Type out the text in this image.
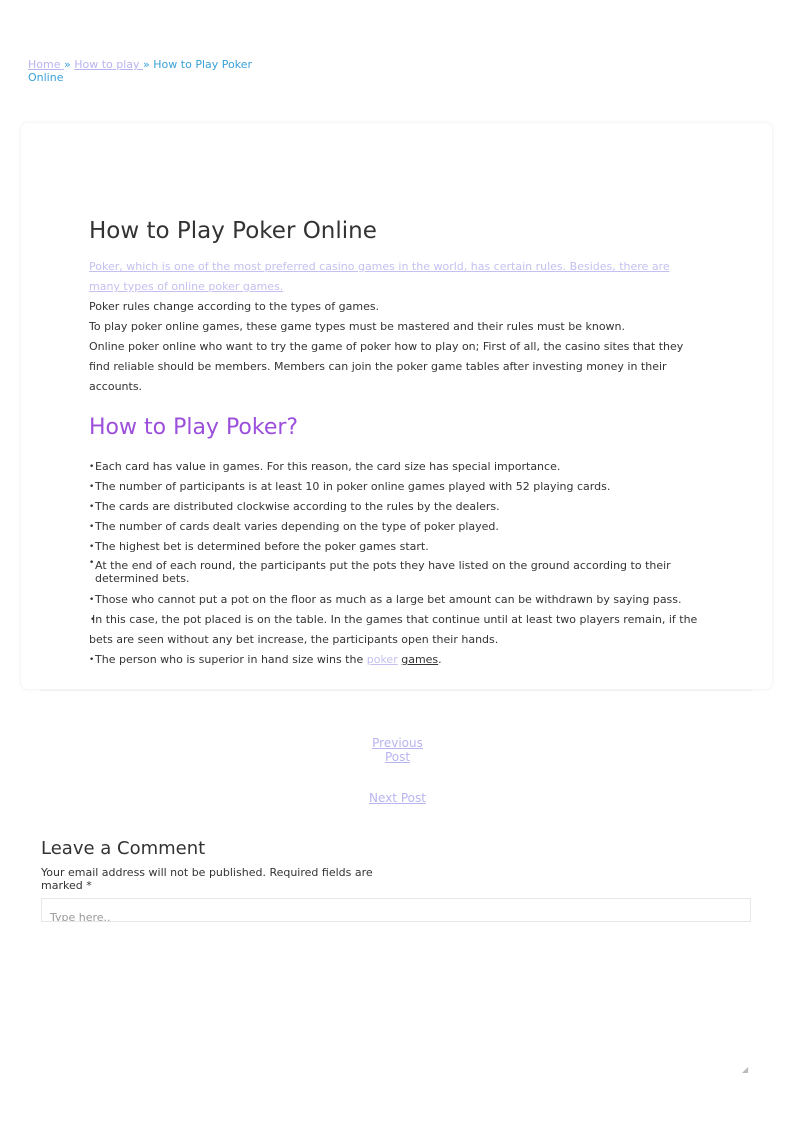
Home » How to play » How to Play Poker Online
How to Play Poker Online

Poker, which is one of the most preferred casino games in the world, has certain rules. Besides, there are many types of online poker games.

Poker rules change according to the types of games.

To play poker online games, these game types must be mastered and their rules must be known.

Online poker online who want to try the game of poker how to play on; First of all, the casino sites that they find reliable should be members. Members can join the poker game tables after investing money in their accounts.

How to Play Poker?
• Each card has value in games. For this reason, the card size has special importance.
• The number of participants is at least 10 in poker online games played with 52 playing cards.
• The cards are distributed clockwise according to the rules by the dealers.
• The number of cards dealt varies depending on the type of poker played.
• The highest bet is determined before the poker games start.
• At the end of each round, the participants put the pots they have listed on the ground according to their determined bets.
• Those who cannot put a pot on the floor as much as a large bet amount can be withdrawn by saying pass.
• In this case, the pot placed is on the table. In the games that continue until at least two players remain, if the bets are seen without any bet increase, the participants open their hands.
• The person who is superior in hand size wins the poker games.
Previous Post
Next Post
Leave a Comment
Your email address will not be published. Required fields are marked *
Type here..
◢
